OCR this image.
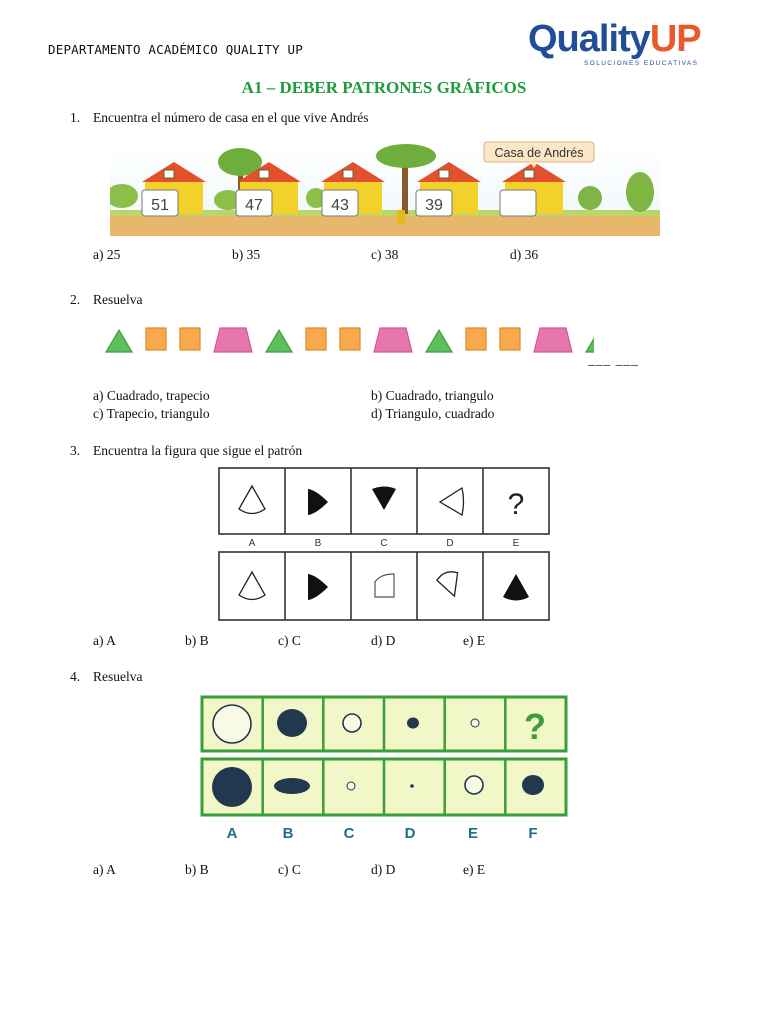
DEPARTAMENTO ACADÉMICO QUALITY UP	QualityUP
SOLUCIONES EDUCATIVAS
A1 – DEBER PATRONES GRÁFICOS
1. Encuentra el número de casa en el que vive Andrés
Casa de Andrés
51	47	43	39
a) 25	b) 35	c) 38	d) 36
2. Resuelva
___ ___
a) Cuadrado, trapecio	b) Cuadrado, triangulo
c) Trapecio, triangulo	d) Triangulo, cuadrado
3. Encuentra la figura que sigue el patrón
?
A	B	C	D	E
a) A	b) B	c) C	d) D	e) E
4. Resuelva
?
A	B	C	D	E	F
a) A	b) B	c) C	d) D	e) E
